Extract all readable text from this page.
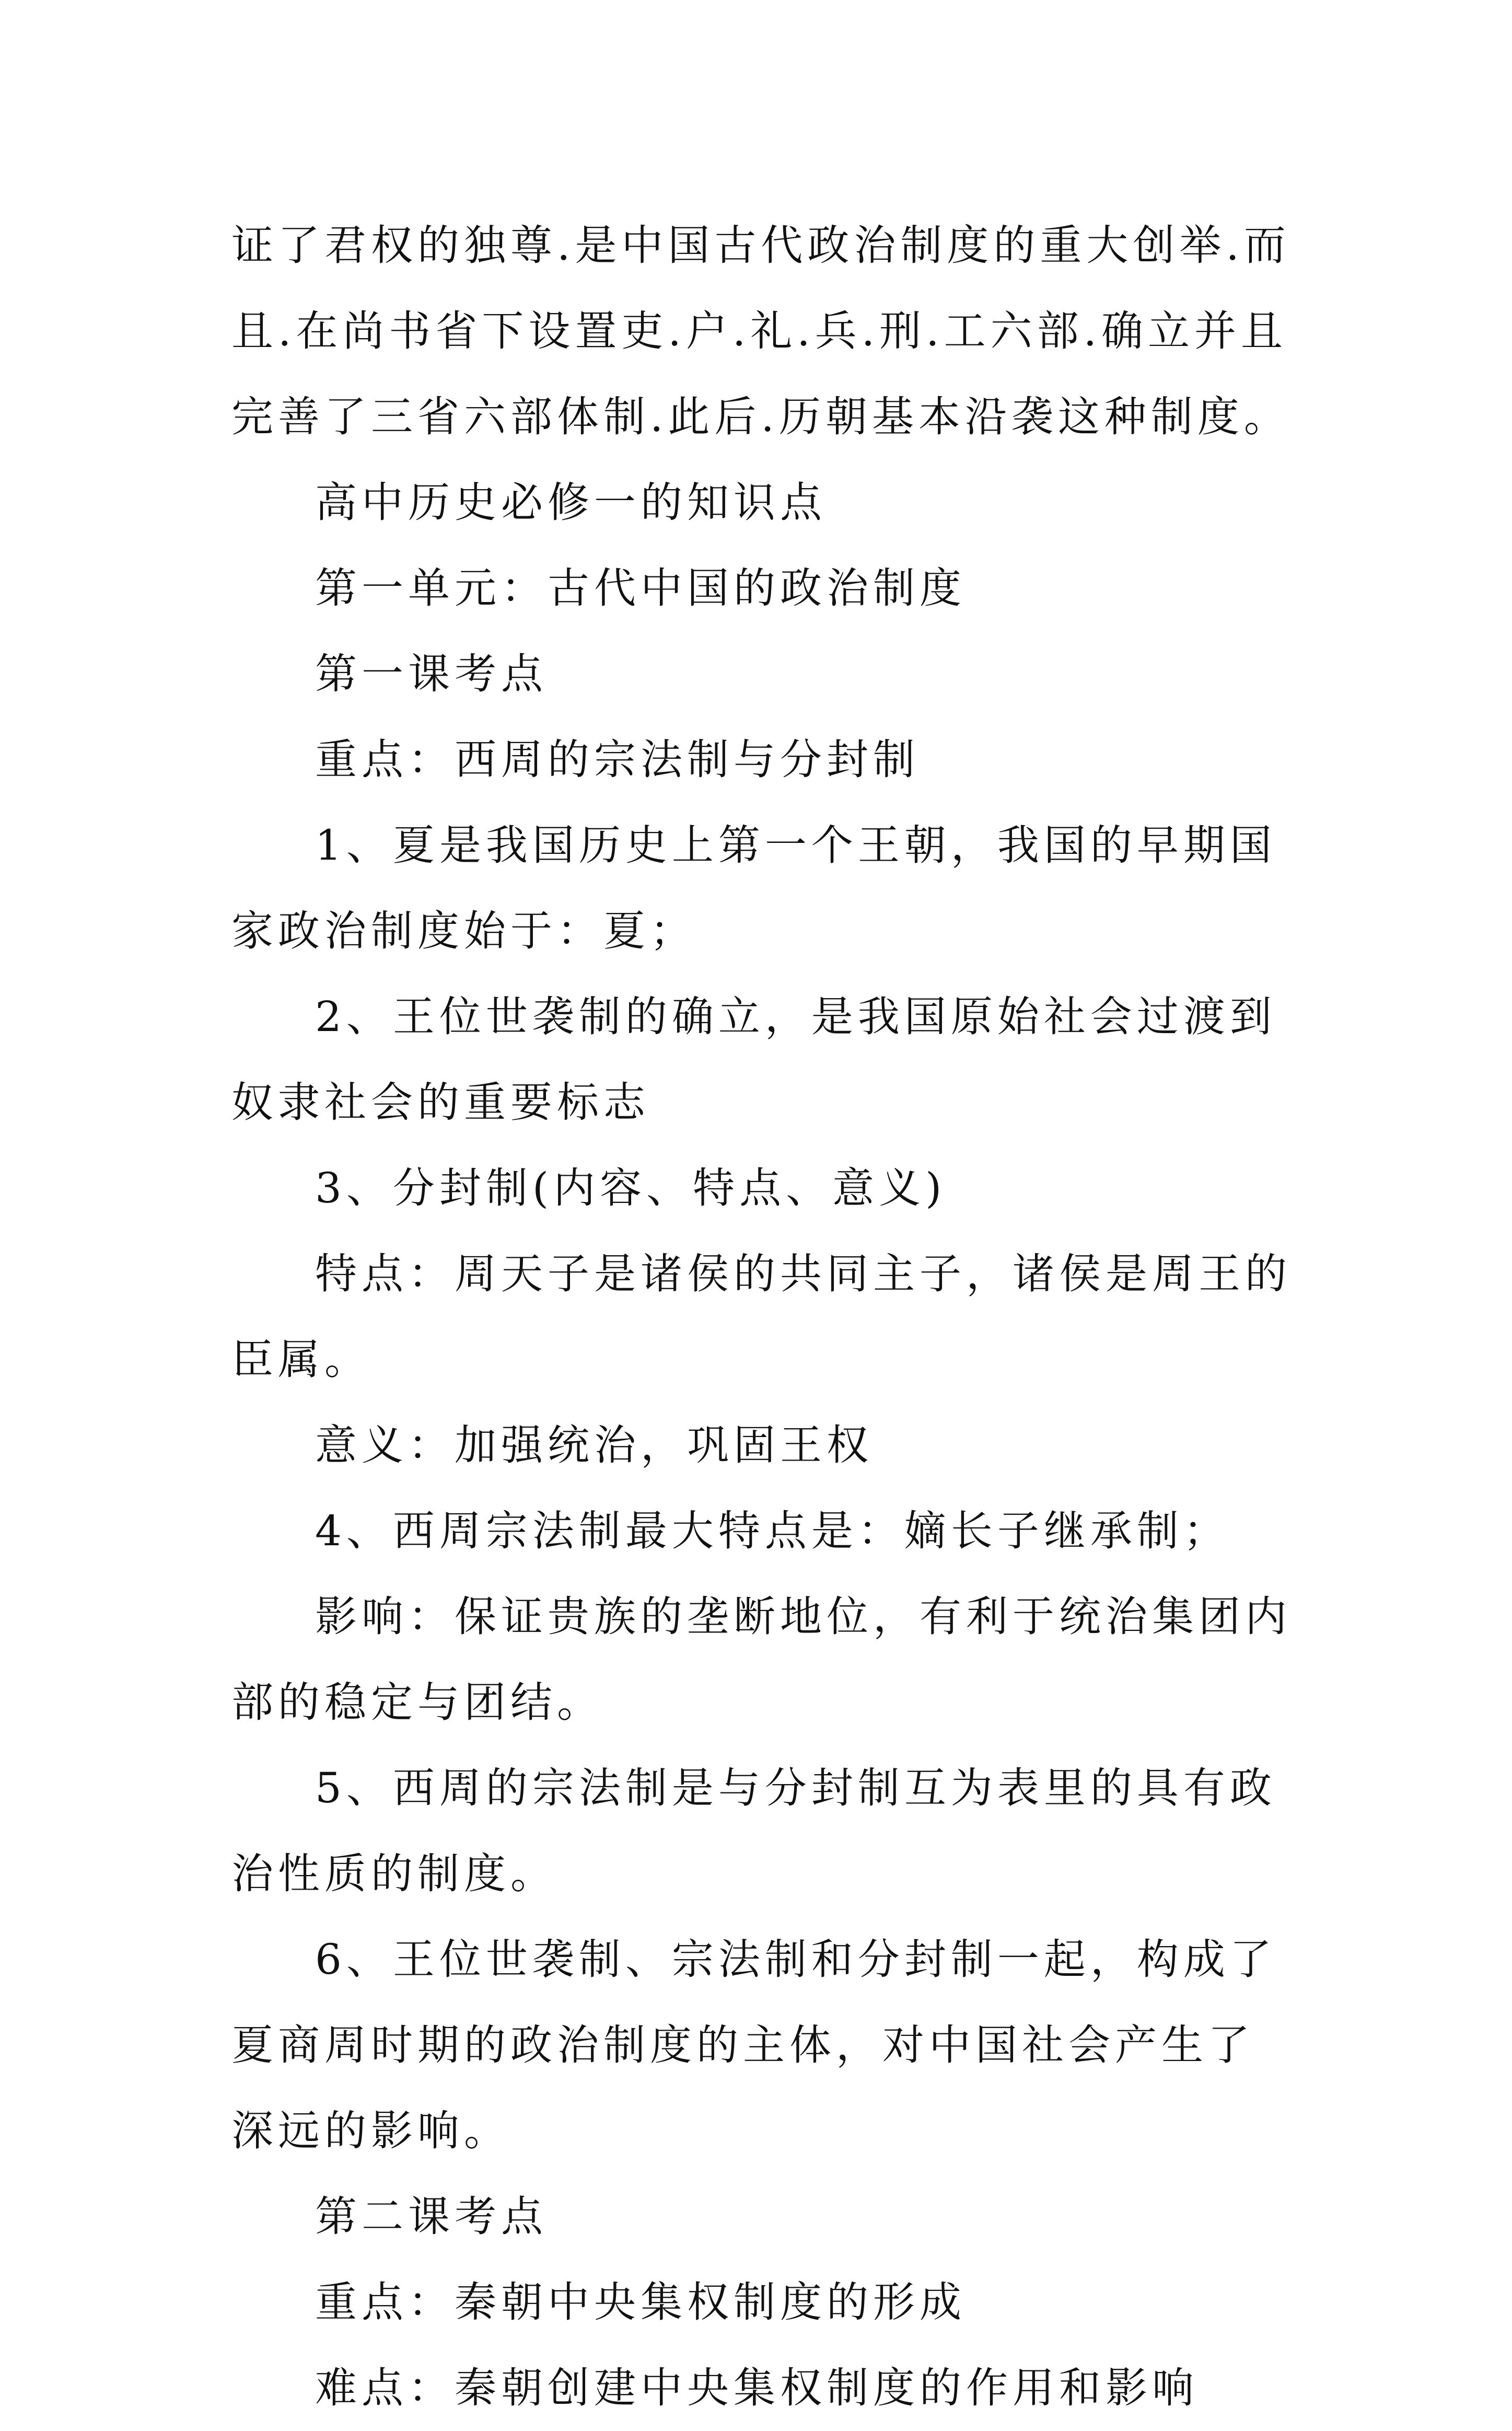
证了君权的独尊.是中国古代政治制度的重大创举.而且.在尚书省下设置吏.户.礼.兵.刑.工六部.确立并且完善了三省六部体制.此后.历朝基本沿袭这种制度。

高中历史必修一的知识点

第一单元：古代中国的政治制度

第一课考点

重点：西周的宗法制与分封制

1、夏是我国历史上第一个王朝，我国的早期国家政治制度始于：夏；

2、王位世袭制的确立，是我国原始社会过渡到奴隶社会的重要标志

3、分封制(内容、特点、意义)

特点：周天子是诸侯的共同主子，诸侯是周王的臣属。

意义：加强统治，巩固王权

4、西周宗法制最大特点是：嫡长子继承制；

影响：保证贵族的垄断地位，有利于统治集团内部的稳定与团结。

5、西周的宗法制是与分封制互为表里的具有政治性质的制度。

6、王位世袭制、宗法制和分封制一起，构成了夏商周时期的政治制度的主体，对中国社会产生了深远的影响。

第二课考点

重点：秦朝中央集权制度的形成

难点：秦朝创建中央集权制度的作用和影响
